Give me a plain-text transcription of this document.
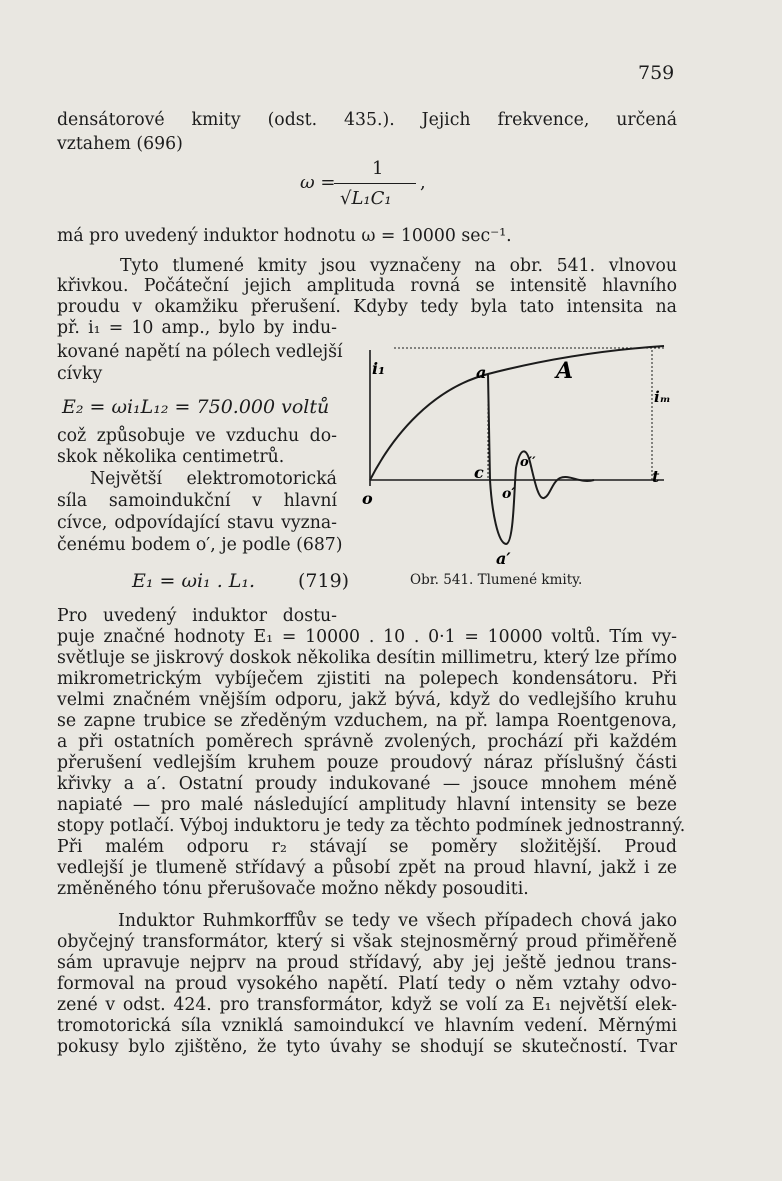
759
densátorové kmity (odst. 435.). Jejich frekvence, určená
vztahem (696)
ω =
1
√L₁C₁
,
má pro uvedený induktor hodnotu ω = 10000 sec⁻¹.
Tyto tlumené kmity jsou vyznačeny na obr. 541. vlnovou
křivkou. Počáteční jejich amplituda rovná se intensitě hlavního
proudu v okamžiku přerušení. Kdyby tedy byla tato intensita na
př. i₁ = 10 amp., bylo by indu-
kované napětí na pólech vedlejší
cívky
E₂ = ωi₁L₁₂ = 750.000 voltů
což způsobuje ve vzduchu do-
skok několika centimetrů.
Největší elektromotorická
síla samoindukční v hlavní
cívce, odpovídající stavu vyzna-
čenému bodem o′, je podle (687)
E₁ = ωi₁ . L₁. (719)
i₁	a	A
iₘ
c
o′′
t
o	o′
a′
Obr. 541. Tlumené kmity.
Pro uvedený induktor dostu-
puje značné hodnoty E₁ = 10000 . 10 . 0·1 = 10000 voltů. Tím vy-
světluje se jiskrový doskok několika desítin millimetru, který lze přímo
mikrometrickým vybíječem zjistiti na polepech kondensátoru. Při
velmi značném vnějším odporu, jakž bývá, když do vedlejšího kruhu
se zapne trubice se zředěným vzduchem, na př. lampa Roentgenova,
a při ostatních poměrech správně zvolených, prochází při každém
přerušení vedlejším kruhem pouze proudový náraz příslušný části
křivky a a′. Ostatní proudy indukované — jsouce mnohem méně
napiaté — pro malé následující amplitudy hlavní intensity se beze
stopy potlačí. Výboj induktoru je tedy za těchto podmínek jednostranný.
Při malém odporu r₂ stávají se poměry složitější. Proud
vedlejší je tlumeně střídavý a působí zpět na proud hlavní, jakž i ze
změněného tónu přerušovače možno někdy posouditi.
Induktor Ruhmkorffův se tedy ve všech případech chová jako
obyčejný transformátor, který si však stejnosměrný proud přiměřeně
sám upravuje nejprv na proud střídavý, aby jej ještě jednou trans-
formoval na proud vysokého napětí. Platí tedy o něm vztahy odvo-
zené v odst. 424. pro transformátor, když se volí za E₁ největší elek-
tromotorická síla vzniklá samoindukcí ve hlavním vedení. Měrnými
pokusy bylo zjištěno, že tyto úvahy se shodují se skutečností. Tvar
